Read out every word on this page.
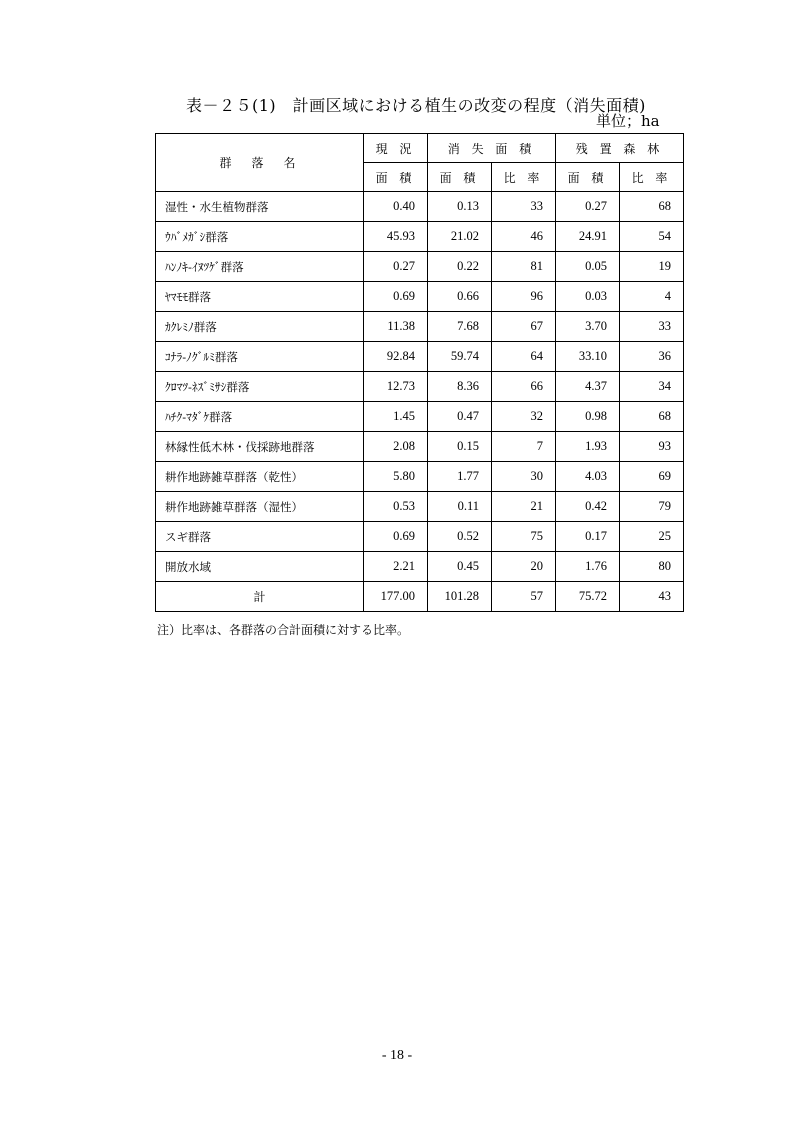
表－２５(1)　計画区域における植生の改変の程度（消失面積)
単位；ha
群　落　名	現 況	消 失 面 積		残 置 森 林	
	面 積	面 積	比 率	面 積	比 率
湿性・水生植物群落	0.40	0.13	33	0.27	68
ｳﾊﾞﾒｶﾞｼ群落	45.93	21.02	46	24.91	54
ﾊﾝﾉｷ-ｲﾇﾂｹﾞ群落	0.27	0.22	81	0.05	19
ﾔﾏﾓﾓ群落	0.69	0.66	96	0.03	4
ｶｸﾚﾐﾉ群落	11.38	7.68	67	3.70	33
ｺﾅﾗ-ﾉｸﾞﾙﾐ群落	92.84	59.74	64	33.10	36
ｸﾛﾏﾂ-ﾈｽﾞﾐｻｼ群落	12.73	8.36	66	4.37	34
ﾊﾁｸ-ﾏﾀﾞｹ群落	1.45	0.47	32	0.98	68
林縁性低木林・伐採跡地群落	2.08	0.15	7	1.93	93
耕作地跡雑草群落（乾性）	5.80	1.77	30	4.03	69
耕作地跡雑草群落（湿性）	0.53	0.11	21	0.42	79
スギ群落	0.69	0.52	75	0.17	25
開放水域	2.21	0.45	20	1.76	80
計	177.00	101.28	57	75.72	43
注）比率は、各群落の合計面積に対する比率。
- 18 -
